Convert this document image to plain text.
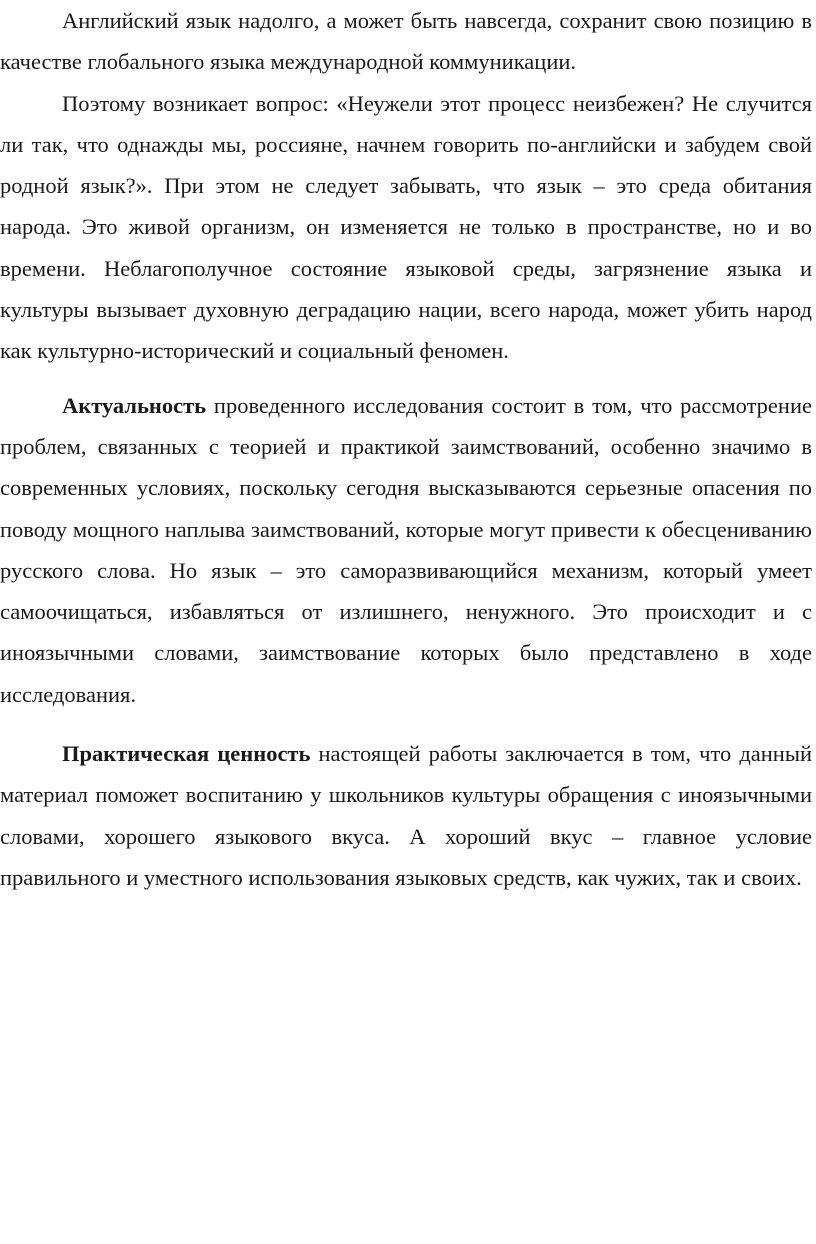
Английский язык надолго, а может быть навсегда, сохранит свою позицию в качестве глобального языка международной коммуникации.

Поэтому возникает вопрос: «Неужели этот процесс неизбежен? Не случится ли так, что однажды мы, россияне, начнем говорить по-английски и забудем свой родной язык?». При этом не следует забывать, что язык – это среда обитания народа. Это живой организм, он изменяется не только в пространстве, но и во времени. Неблагополучное состояние языковой среды, загрязнение языка и культуры вызывает духовную деградацию нации, всего народа, может убить народ как культурно-исторический и социальный феномен.

Актуальность проведенного исследования состоит в том, что рассмотрение проблем, связанных с теорией и практикой заимствований, особенно значимо в современных условиях, поскольку сегодня высказываются серьезные опасения по поводу мощного наплыва заимствований, которые могут привести к обесцениванию русского слова. Но язык – это саморазвивающийся механизм, который умеет самоочищаться, избавляться от излишнего, ненужного. Это происходит и с иноязычными словами, заимствование которых было представлено в ходе исследования.

Практическая ценность настоящей работы заключается в том, что данный материал поможет воспитанию у школьников культуры обращения с иноязычными словами, хорошего языкового вкуса. А хороший вкус – главное условие правильного и уместного использования языковых средств, как чужих, так и своих.
